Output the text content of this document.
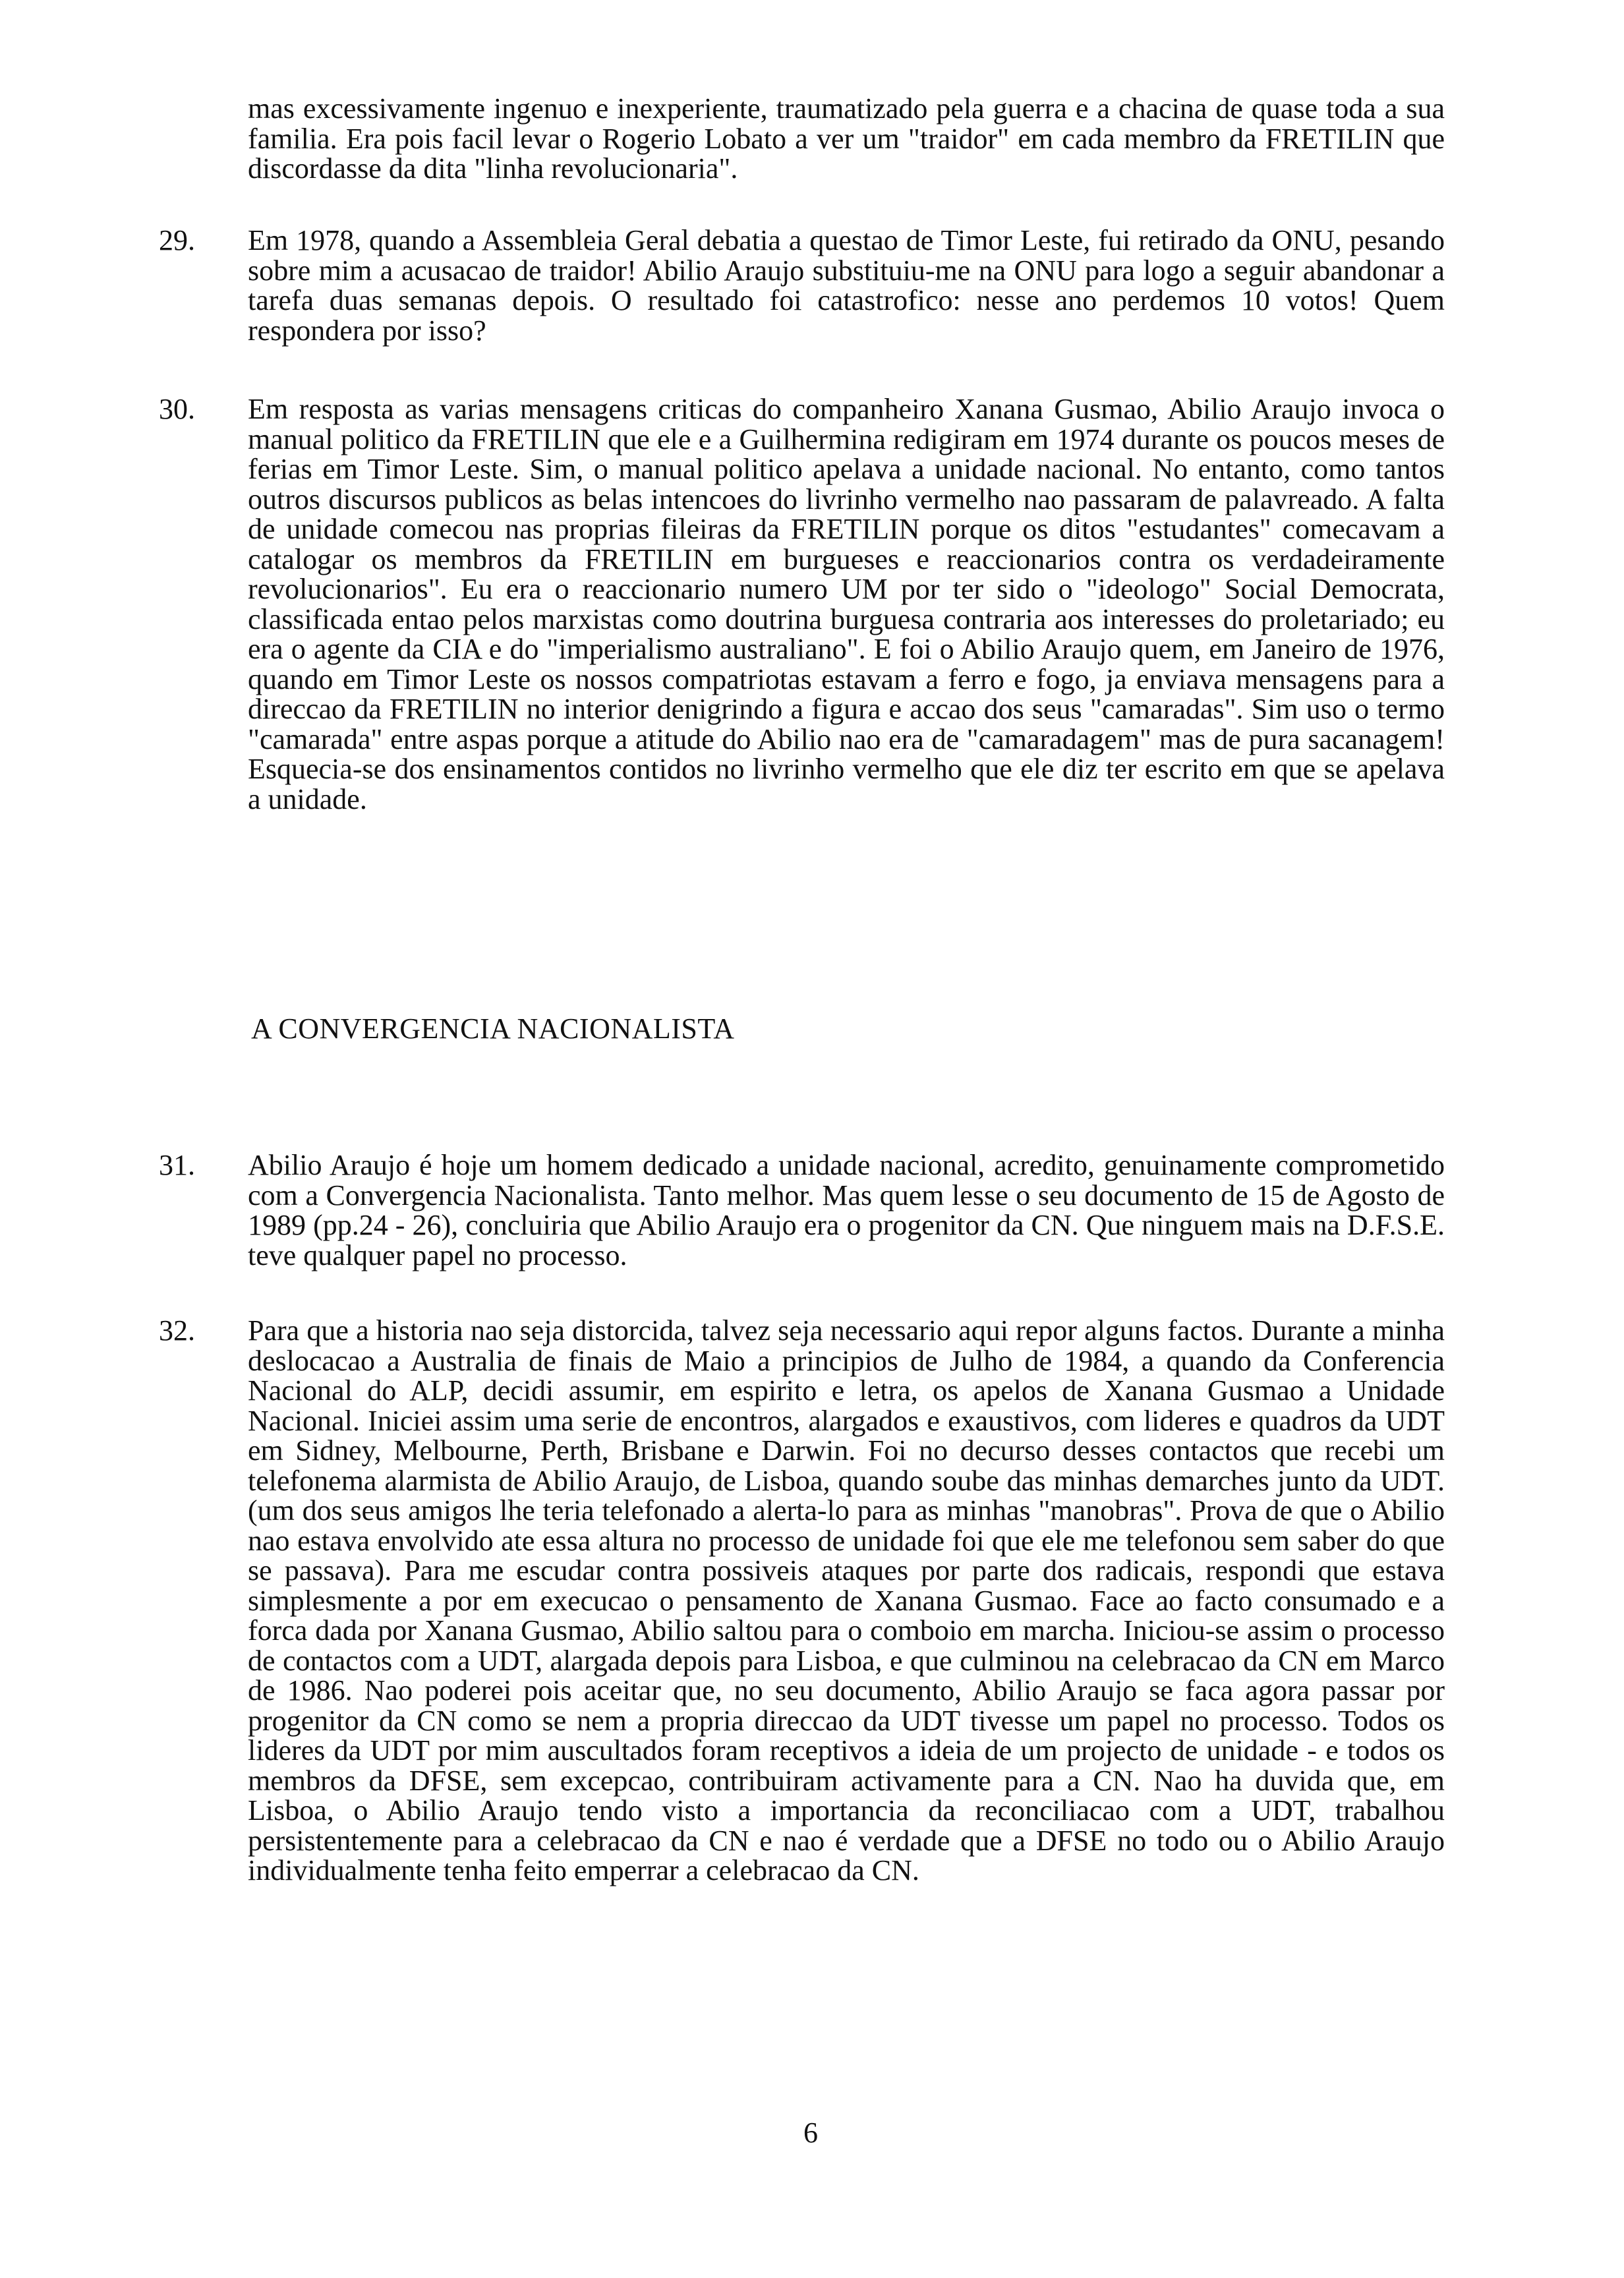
mas excessivamente ingenuo e inexperiente, traumatizado pela guerra e a chacina de quase toda a sua familia. Era pois facil levar o Rogerio Lobato a ver um "traidor" em cada membro da FRETILIN que discordasse da dita "linha revolucionaria".

29. Em 1978, quando a Assembleia Geral debatia a questao de Timor Leste, fui retirado da ONU, pesando sobre mim a acusacao de traidor! Abilio Araujo substituiu-me na ONU para logo a seguir abandonar a tarefa duas semanas depois. O resultado foi catastrofico: nesse ano perdemos 10 votos! Quem respondera por isso?

30. Em resposta as varias mensagens criticas do companheiro Xanana Gusmao, Abilio Araujo invoca o manual politico da FRETILIN que ele e a Guilhermina redigiram em 1974 durante os poucos meses de ferias em Timor Leste. Sim, o manual politico apelava a unidade nacional. No entanto, como tantos outros discursos publicos as belas intencoes do livrinho vermelho nao passaram de palavreado. A falta de unidade comecou nas proprias fileiras da FRETILIN porque os ditos "estudantes" comecavam a catalogar os membros da FRETILIN em burgueses e reaccionarios contra os verdadeiramente revolucionarios". Eu era o reaccionario numero UM por ter sido o "ideologo" Social Democrata, classificada entao pelos marxistas como doutrina burguesa contraria aos interesses do proletariado; eu era o agente da CIA e do "imperialismo australiano". E foi o Abilio Araujo quem, em Janeiro de 1976, quando em Timor Leste os nossos compatriotas estavam a ferro e fogo, ja enviava mensagens para a direccao da FRETILIN no interior denigrindo a figura e accao dos seus "camaradas". Sim uso o termo "camarada" entre aspas porque a atitude do Abilio nao era de "camaradagem" mas de pura sacanagem! Esquecia-se dos ensinamentos contidos no livrinho vermelho que ele diz ter escrito em que se apelava a unidade.

A CONVERGENCIA NACIONALISTA
31. Abilio Araujo é hoje um homem dedicado a unidade nacional, acredito, genuinamente comprometido com a Convergencia Nacionalista. Tanto melhor. Mas quem lesse o seu documento de 15 de Agosto de 1989 (pp.24 - 26), concluiria que Abilio Araujo era o progenitor da CN. Que ninguem mais na D.F.S.E. teve qualquer papel no processo.

32. Para que a historia nao seja distorcida, talvez seja necessario aqui repor alguns factos. Durante a minha deslocacao a Australia de finais de Maio a principios de Julho de 1984, a quando da Conferencia Nacional do ALP, decidi assumir, em espirito e letra, os apelos de Xanana Gusmao a Unidade Nacional. Iniciei assim uma serie de encontros, alargados e exaustivos, com lideres e quadros da UDT em Sidney, Melbourne, Perth, Brisbane e Darwin. Foi no decurso desses contactos que recebi um telefonema alarmista de Abilio Araujo, de Lisboa, quando soube das minhas demarches junto da UDT. (um dos seus amigos lhe teria telefonado a alerta-lo para as minhas "manobras". Prova de que o Abilio nao estava envolvido ate essa altura no processo de unidade foi que ele me telefonou sem saber do que se passava). Para me escudar contra possiveis ataques por parte dos radicais, respondi que estava simplesmente a por em execucao o pensamento de Xanana Gusmao. Face ao facto consumado e a forca dada por Xanana Gusmao, Abilio saltou para o comboio em marcha. Iniciou-se assim o processo de contactos com a UDT, alargada depois para Lisboa, e que culminou na celebracao da CN em Marco de 1986. Nao poderei pois aceitar que, no seu documento, Abilio Araujo se faca agora passar por progenitor da CN como se nem a propria direccao da UDT tivesse um papel no processo. Todos os lideres da UDT por mim auscultados foram receptivos a ideia de um projecto de unidade - e todos os membros da DFSE, sem excepcao, contribuiram activamente para a CN. Nao ha duvida que, em Lisboa, o Abilio Araujo tendo visto a importancia da reconciliacao com a UDT, trabalhou persistentemente para a celebracao da CN e nao é verdade que a DFSE no todo ou o Abilio Araujo individualmente tenha feito emperrar a celebracao da CN.

6
